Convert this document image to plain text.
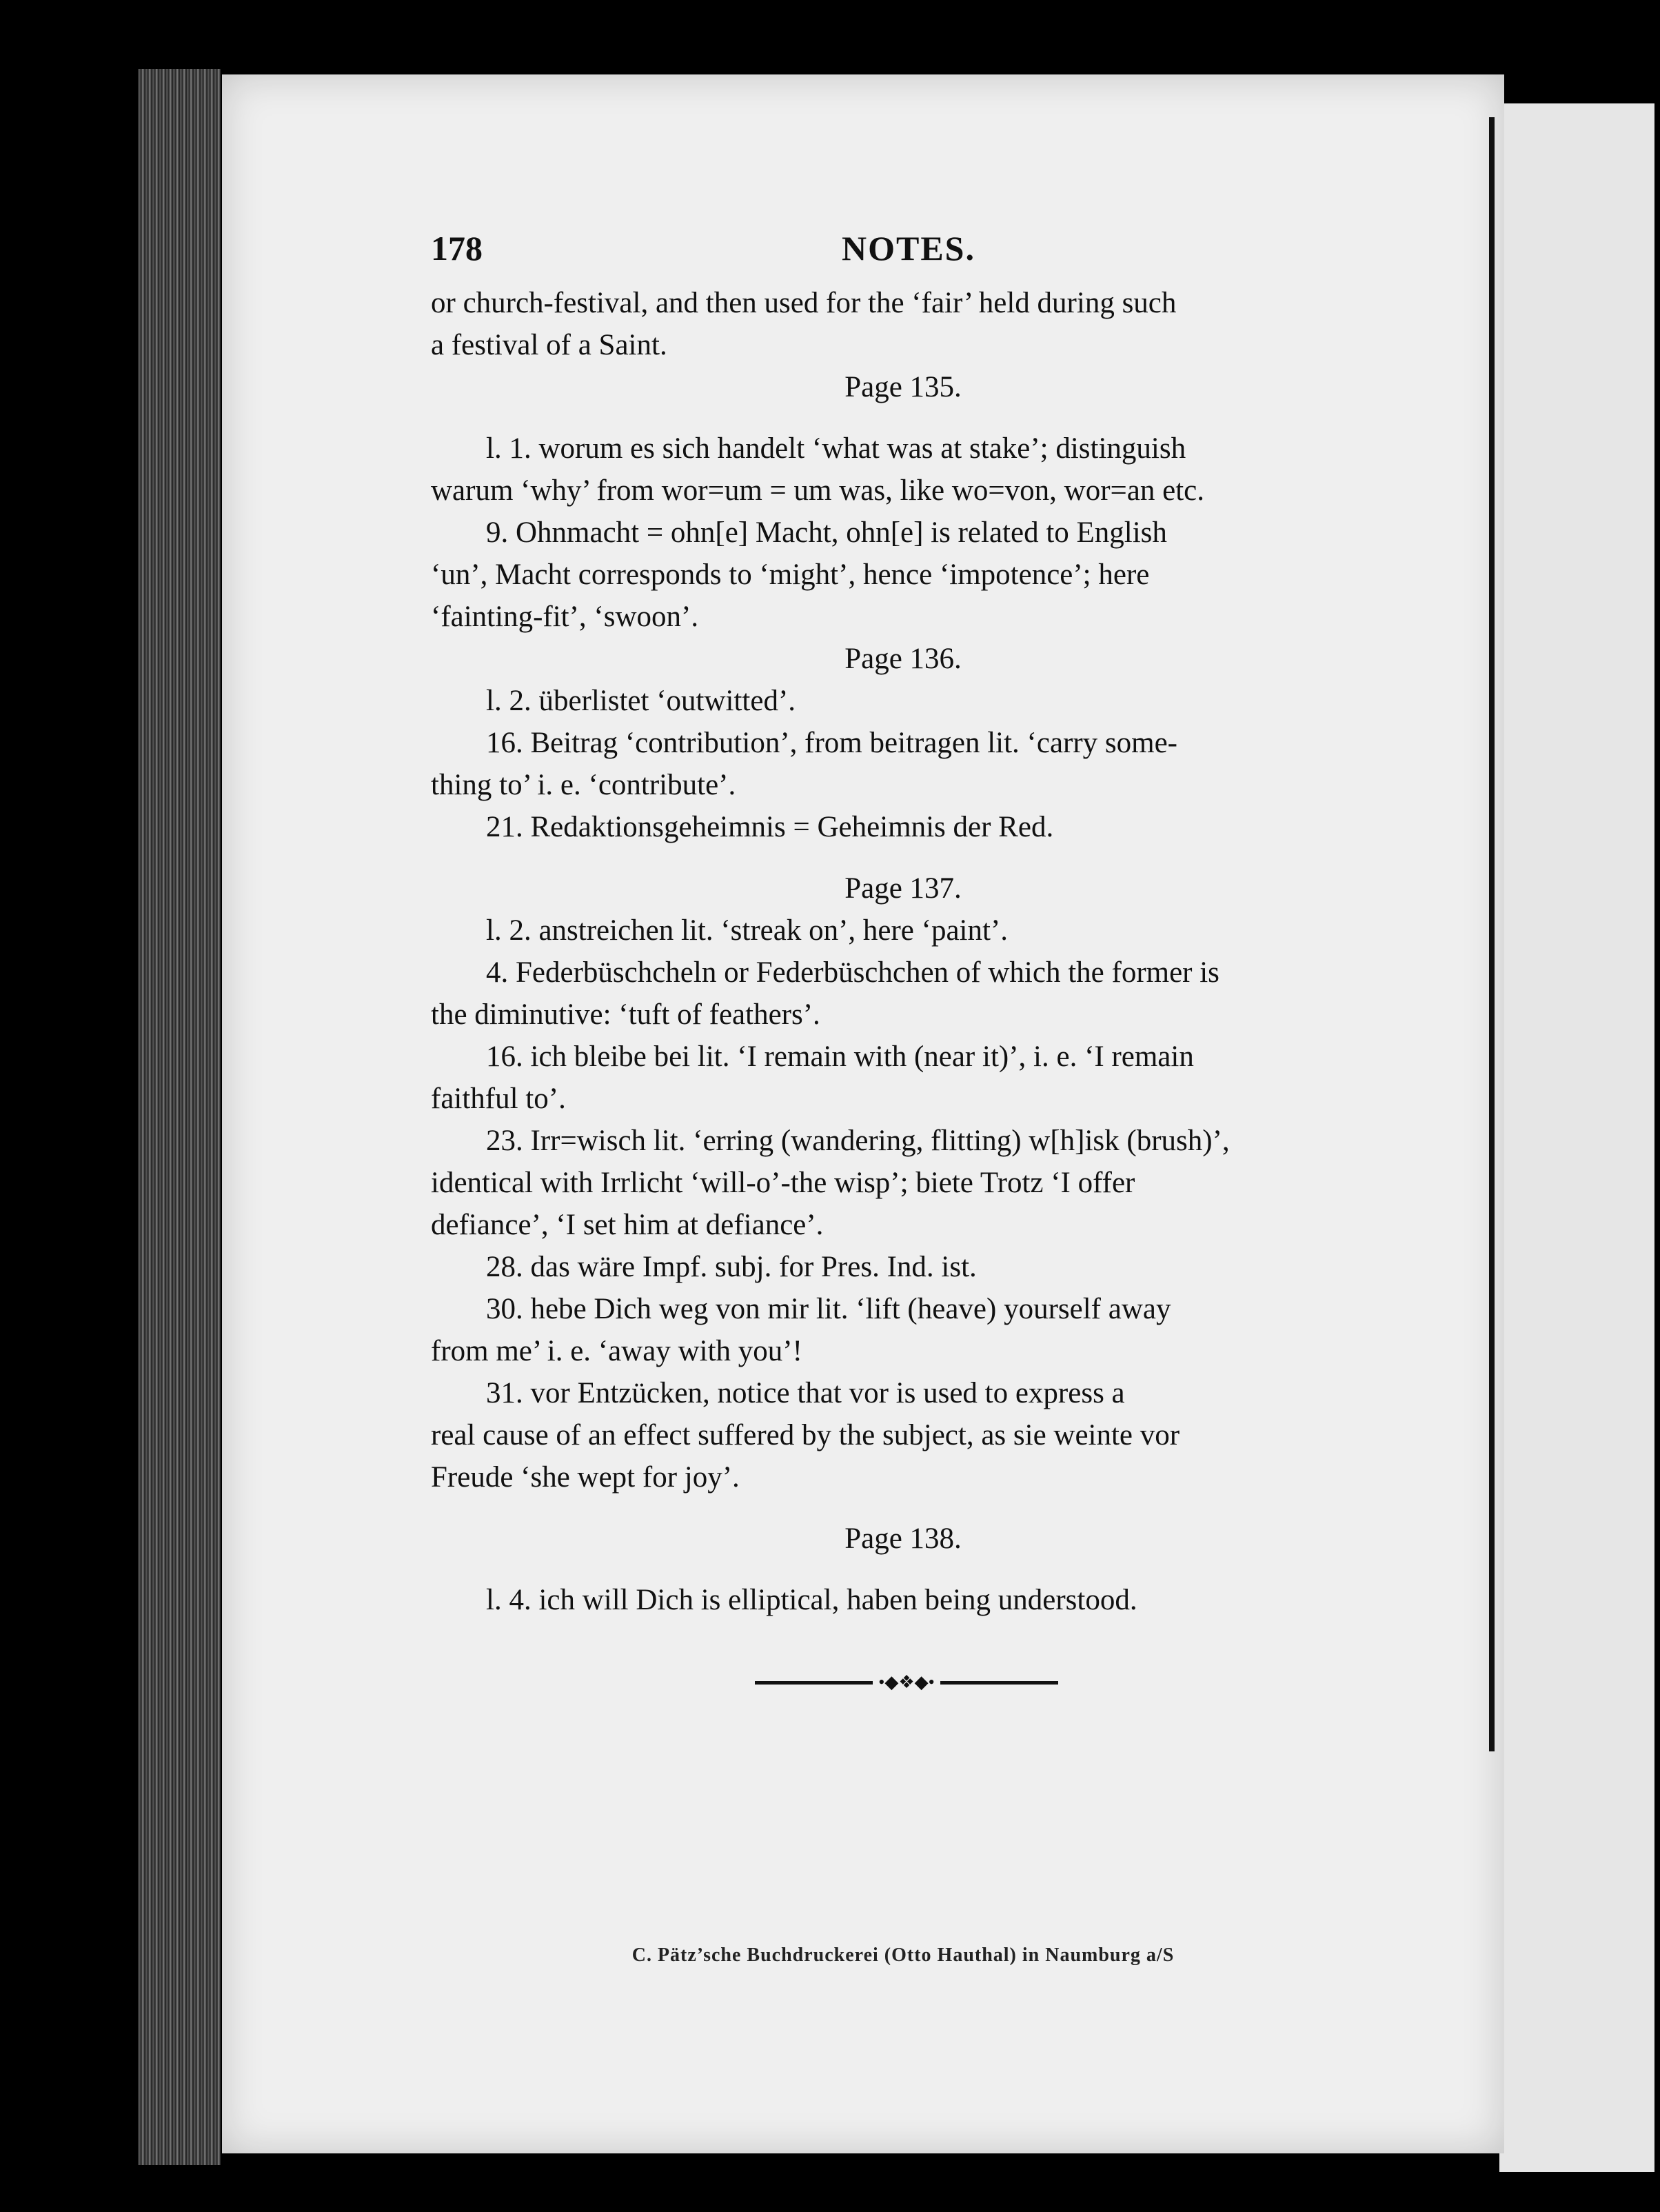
178	NOTES.
or church-festival, and then used for the ‘fair’ held during such
a festival of a Saint.
Page 135.
l. 1. worum es sich handelt ‘what was at stake’; distinguish
warum ‘why’ from wor=um = um was, like wo=von, wor=an etc.
9. Ohnmacht = ohn[e] Macht, ohn[e] is related to English
‘un’, Macht corresponds to ‘might’, hence ‘impotence’; here
‘fainting-fit’, ‘swoon’.
Page 136.
l. 2. überlistet ‘outwitted’.
16. Beitrag ‘contribution’, from beitragen lit. ‘carry some-
thing to’ i. e. ‘contribute’.
21. Redaktionsgeheimnis = Geheimnis der Red.
Page 137.
l. 2. anstreichen lit. ‘streak on’, here ‘paint’.
4. Federbüschcheln or Federbüschchen of which the former is
the diminutive: ‘tuft of feathers’.
16. ich bleibe bei lit. ‘I remain with (near it)’, i. e. ‘I remain
faithful to’.
23. Irr=wisch lit. ‘erring (wandering, flitting) w[h]isk (brush)’,
identical with Irrlicht ‘will-o’-the wisp’; biete Trotz ‘I offer
defiance’, ‘I set him at defiance’.
28. das wäre Impf. subj. for Pres. Ind. ist.
30. hebe Dich weg von mir lit. ‘lift (heave) yourself away
from me’ i. e. ‘away with you’!
31. vor Entzücken, notice that vor is used to express a
real cause of an effect suffered by the subject, as sie weinte vor
Freude ‘she wept for joy’.
Page 138.
l. 4. ich will Dich is elliptical, haben being understood.
•◆❖◆•
C. Pätz’sche Buchdruckerei (Otto Hauthal) in Naumburg a/S
